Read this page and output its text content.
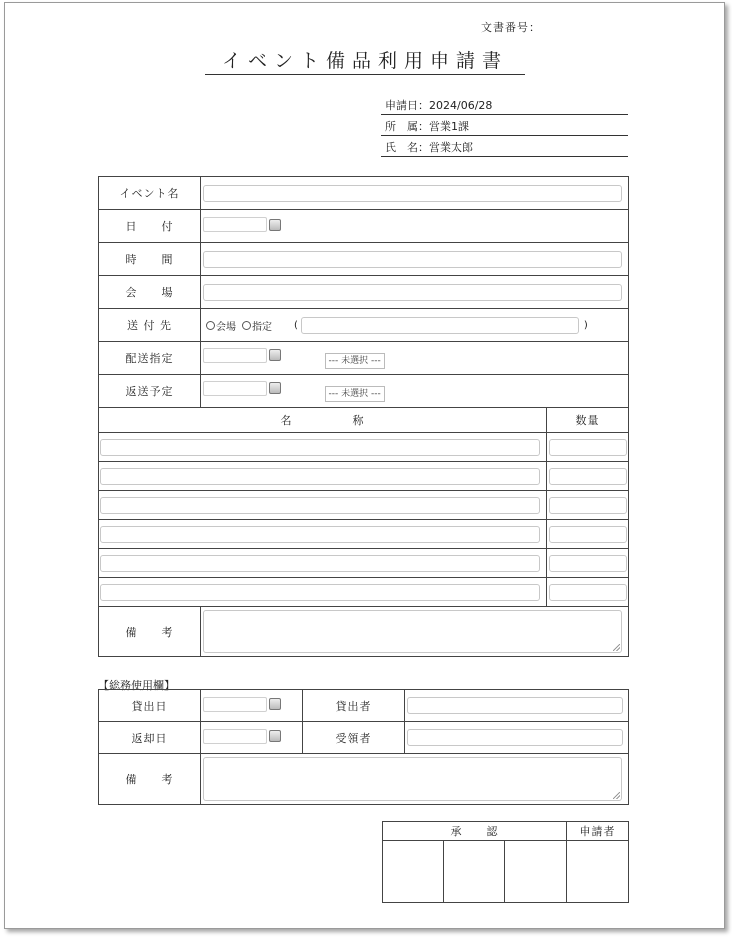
文書番号：
イベント備品利用申請書
申請日：2024/06/28
所　属：営業1課
氏　名：営業太郎
イベント名		

日　　付		

時　　間		

会　　場		

送 付 先	会場 指定 ( )	

配送指定	--- 未選択 ---	
返送予定	--- 未選択 ---	
名　　　　　称		数量

備　　考		
【総務使用欄】
貸出日		貸出者	

返却日		受領者	

備　　考			
承　　認			申請者
